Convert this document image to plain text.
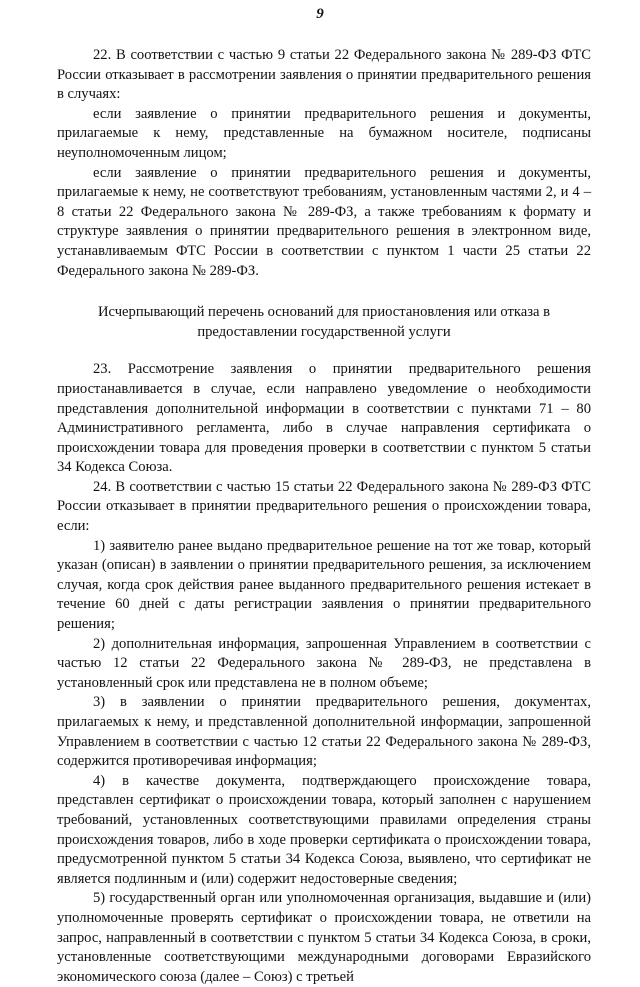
9

22. В соответствии с частью 9 статьи 22 Федерального закона № 289-ФЗ ФТС России отказывает в рассмотрении заявления о принятии предварительного решения в случаях:

если заявление о принятии предварительного решения и документы, прилагаемые к нему, представленные на бумажном носителе, подписаны неуполномоченным лицом;

если заявление о принятии предварительного решения и документы, прилагаемые к нему, не соответствуют требованиям, установленным частями 2, и 4 – 8 статьи 22 Федерального закона № 289-ФЗ, а также требованиям к формату и структуре заявления о принятии предварительного решения в электронном виде, устанавливаемым ФТС России в соответствии с пунктом 1 части 25 статьи 22 Федерального закона № 289-ФЗ.

Исчерпывающий перечень оснований для приостановления или отказа в предоставлении государственной услуги

23. Рассмотрение заявления о принятии предварительного решения приостанавливается в случае, если направлено уведомление о необходимости представления дополнительной информации в соответствии с пунктами 71 – 80 Административного регламента, либо в случае направления сертификата о происхождении товара для проведения проверки в соответствии с пунктом 5 статьи 34 Кодекса Союза.

24. В соответствии с частью 15 статьи 22 Федерального закона № 289-ФЗ ФТС России отказывает в принятии предварительного решения о происхождении товара, если:

1) заявителю ранее выдано предварительное решение на тот же товар, который указан (описан) в заявлении о принятии предварительного решения, за исключением случая, когда срок действия ранее выданного предварительного решения истекает в течение 60 дней с даты регистрации заявления о принятии предварительного решения;

2) дополнительная информация, запрошенная Управлением в соответствии с частью 12 статьи 22 Федерального закона № 289-ФЗ, не представлена в установленный срок или представлена не в полном объеме;

3) в заявлении о принятии предварительного решения, документах, прилагаемых к нему, и представленной дополнительной информации, запрошенной Управлением в соответствии с частью 12 статьи 22 Федерального закона № 289-ФЗ, содержится противоречивая информация;

4) в качестве документа, подтверждающего происхождение товара, представлен сертификат о происхождении товара, который заполнен с нарушением требований, установленных соответствующими правилами определения страны происхождения товаров, либо в ходе проверки сертификата о происхождении товара, предусмотренной пунктом 5 статьи 34 Кодекса Союза, выявлено, что сертификат не является подлинным и (или) содержит недостоверные сведения;

5) государственный орган или уполномоченная организация, выдавшие и (или) уполномоченные проверять сертификат о происхождении товара, не ответили на запрос, направленный в соответствии с пунктом 5 статьи 34 Кодекса Союза, в сроки, установленные соответствующими международными договорами Евразийского экономического союза (далее – Союз) с третьей
